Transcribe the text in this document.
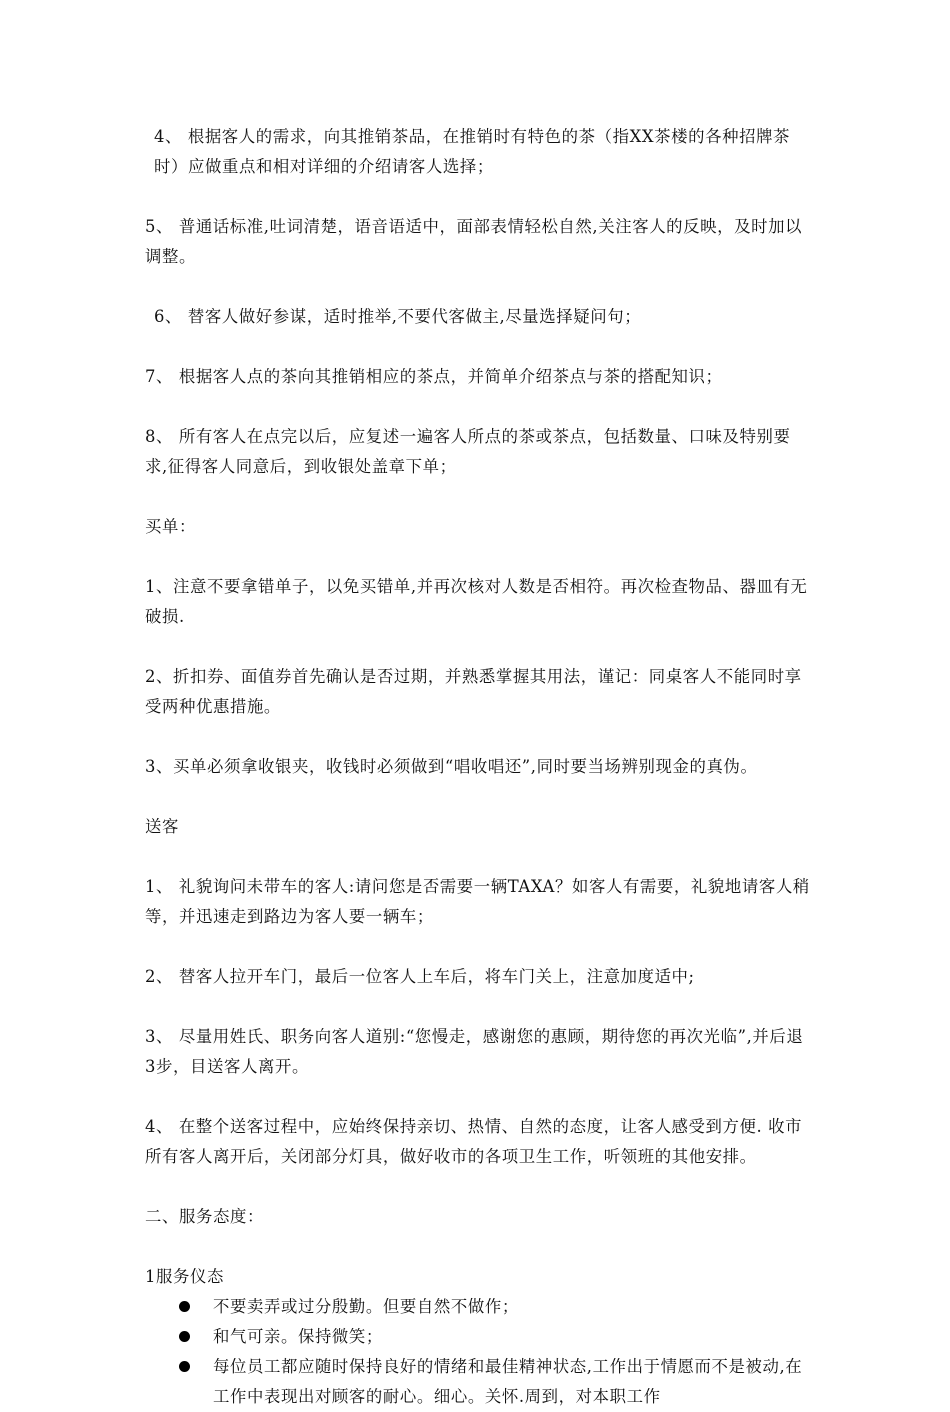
4、 根据客人的需求，向其推销茶品，在推销时有特色的茶（指XX茶楼的各种招牌茶时）应做重点和相对详细的介绍请客人选择；

5、 普通话标准,吐词清楚，语音语适中，面部表情轻松自然,关注客人的反映，及时加以调整。

6、 替客人做好参谋，适时推举,不要代客做主,尽量选择疑问句；

7、 根据客人点的茶向其推销相应的茶点，并简单介绍茶点与茶的搭配知识；

8、 所有客人在点完以后，应复述一遍客人所点的茶或茶点，包括数量、口味及特别要求,征得客人同意后，到收银处盖章下单；

买单：

1、注意不要拿错单子，以免买错单,并再次核对人数是否相符。再次检查物品、器皿有无破损.

2、折扣券、面值券首先确认是否过期，并熟悉掌握其用法，谨记：同桌客人不能同时享受两种优惠措施。

3、买单必须拿收银夹，收钱时必须做到“唱收唱还”,同时要当场辨别现金的真伪。

送客

1、 礼貌询问未带车的客人:请问您是否需要一辆TAXA？如客人有需要，礼貌地请客人稍等，并迅速走到路边为客人要一辆车；

2、 替客人拉开车门，最后一位客人上车后，将车门关上，注意加度适中;

3、 尽量用姓氏、职务向客人道别:“您慢走，感谢您的惠顾，期待您的再次光临”,并后退3步，目送客人离开。

4、 在整个送客过程中，应始终保持亲切、热情、自然的态度，让客人感受到方便. 收市 所有客人离开后，关闭部分灯具，做好收市的各项卫生工作，听领班的其他安排。

二、服务态度：

1服务仪态

不要卖弄或过分殷勤。但要自然不做作；
和气可亲。保持微笑；
每位员工都应随时保持良好的情绪和最佳精神状态,工作出于情愿而不是被动,在工作中表现出对顾客的耐心。细心。关怀.周到，对本职工作
